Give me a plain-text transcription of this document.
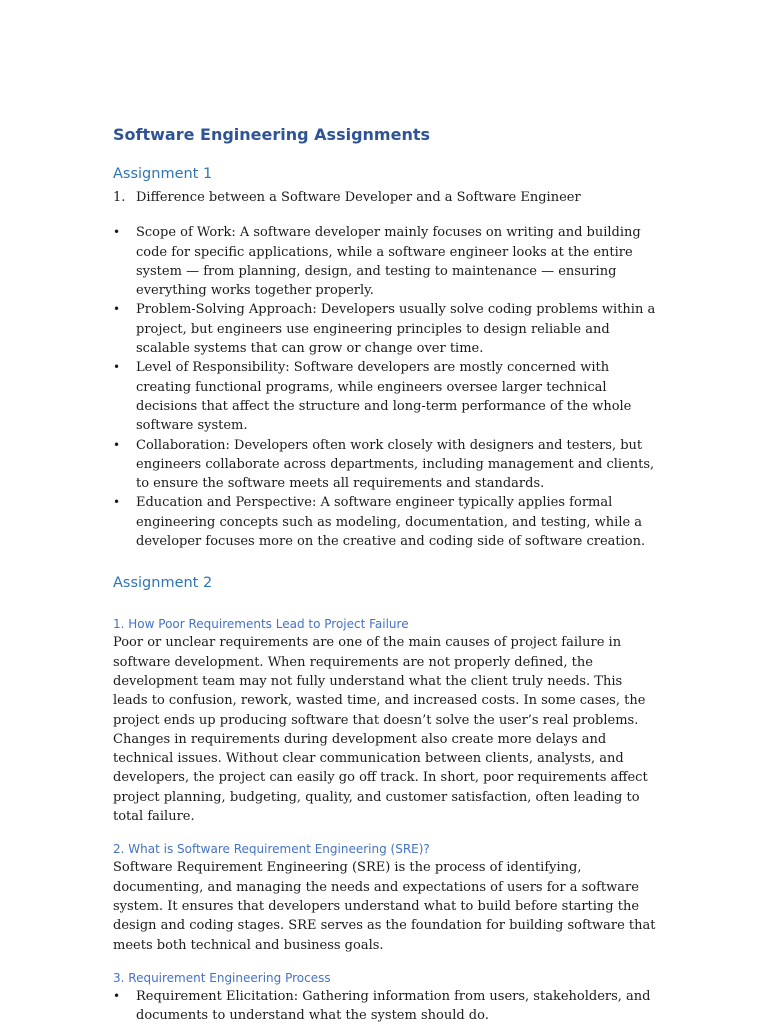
Software Engineering Assignments
Assignment 1
1. Difference between a Software Developer and a Software Engineer
• Scope of Work: A software developer mainly focuses on writing and building code for specific applications, while a software engineer looks at the entire system — from planning, design, and testing to maintenance — ensuring everything works together properly.
• Problem-Solving Approach: Developers usually solve coding problems within a project, but engineers use engineering principles to design reliable and scalable systems that can grow or change over time.
• Level of Responsibility: Software developers are mostly concerned with creating functional programs, while engineers oversee larger technical decisions that affect the structure and long-term performance of the whole software system.
• Collaboration: Developers often work closely with designers and testers, but engineers collaborate across departments, including management and clients, to ensure the software meets all requirements and standards.
• Education and Perspective: A software engineer typically applies formal engineering concepts such as modeling, documentation, and testing, while a developer focuses more on the creative and coding side of software creation.
Assignment 2
1. How Poor Requirements Lead to Project Failure

Poor or unclear requirements are one of the main causes of project failure in software development. When requirements are not properly defined, the development team may not fully understand what the client truly needs. This leads to confusion, rework, wasted time, and increased costs. In some cases, the project ends up producing software that doesn’t solve the user’s real problems. Changes in requirements during development also create more delays and technical issues. Without clear communication between clients, analysts, and developers, the project can easily go off track. In short, poor requirements affect project planning, budgeting, quality, and customer satisfaction, often leading to total failure.

2. What is Software Requirement Engineering (SRE)?

Software Requirement Engineering (SRE) is the process of identifying, documenting, and managing the needs and expectations of users for a software system. It ensures that developers understand what to build before starting the design and coding stages. SRE serves as the foundation for building software that meets both technical and business goals.

3. Requirement Engineering Process
• Requirement Elicitation: Gathering information from users, stakeholders, and documents to understand what the system should do.
